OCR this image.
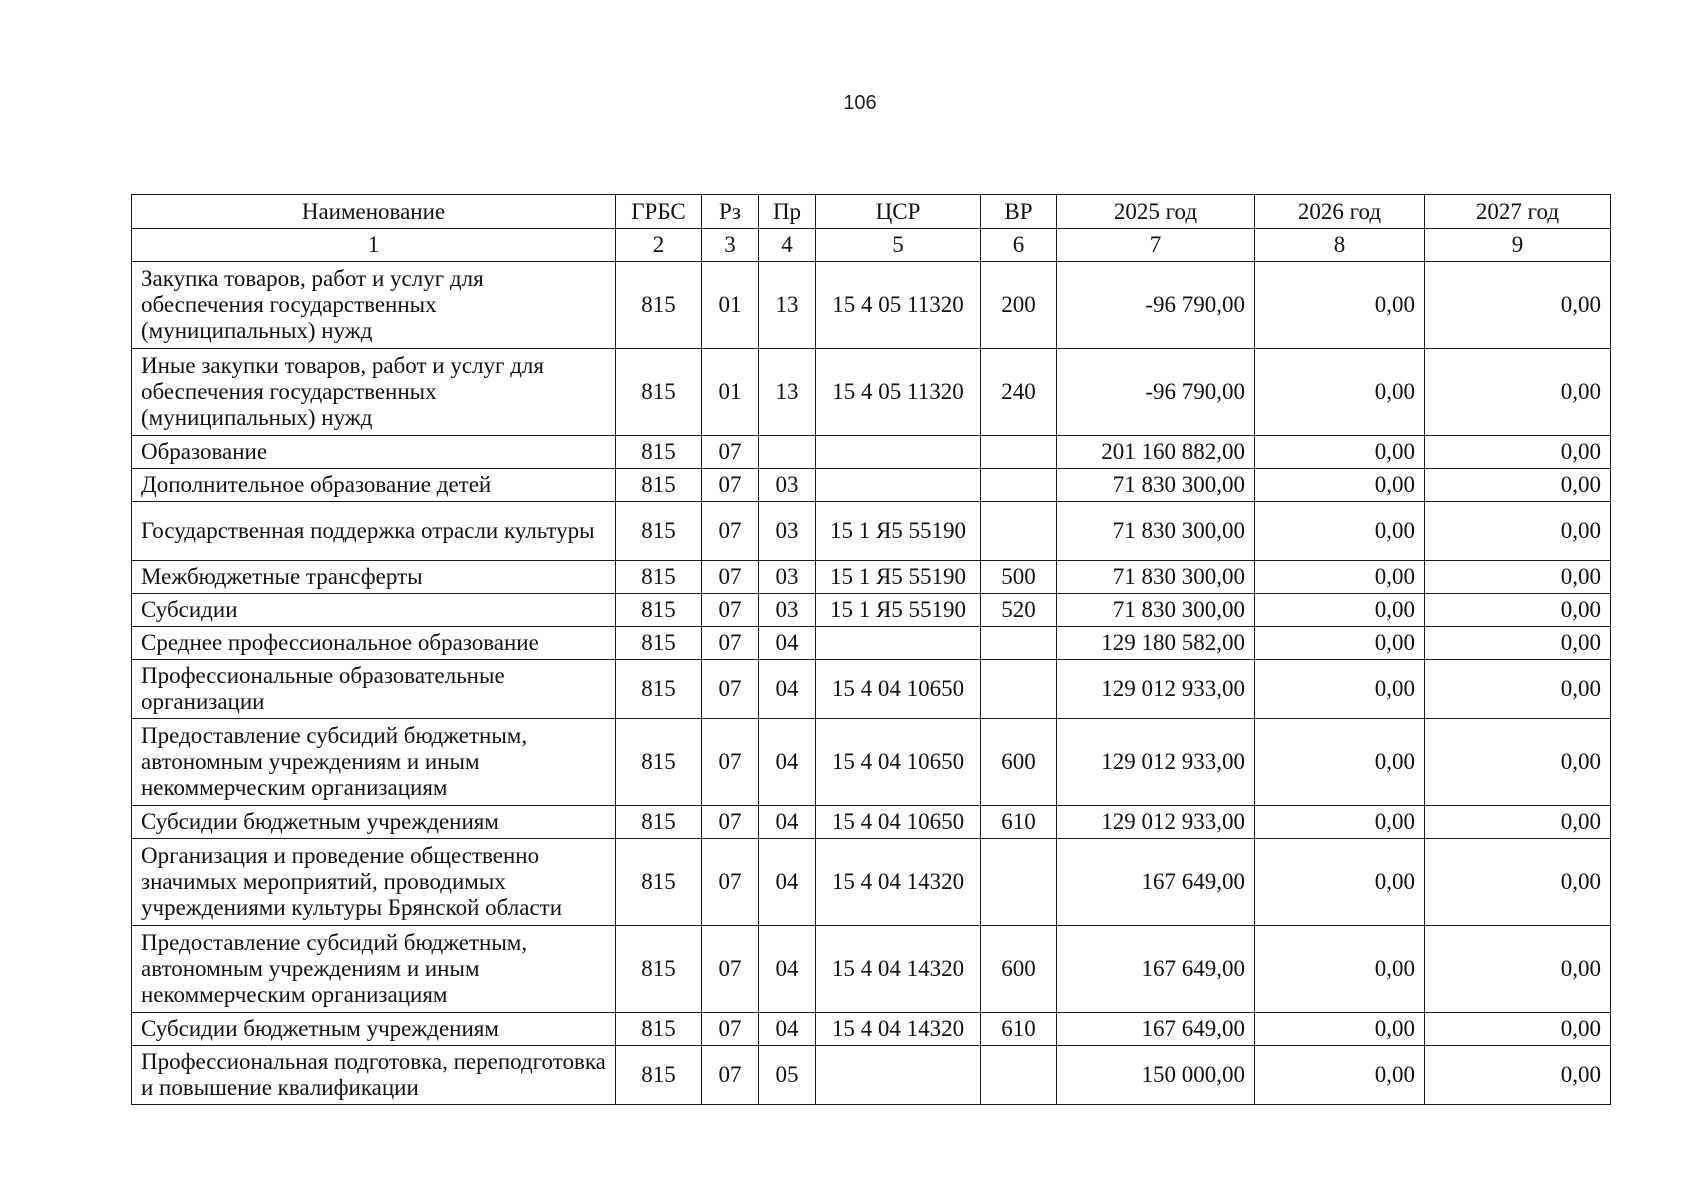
106
Наименование	ГРБС	Рз	Пр	ЦСР	ВР	2025 год	2026 год	2027 год
1	2	3	4	5	6	7	8	9
Закупка товаров, работ и услуг для обеспечения государственных (муниципальных) нужд	815	01	13	15 4 05 11320	200	-96 790,00	0,00	0,00
Иные закупки товаров, работ и услуг для обеспечения государственных (муниципальных) нужд	815	01	13	15 4 05 11320	240	-96 790,00	0,00	0,00
Образование	815	07				201 160 882,00	0,00	0,00
Дополнительное образование детей	815	07	03			71 830 300,00	0,00	0,00
Государственная поддержка отрасли культуры	815	07	03	15 1 Я5 55190		71 830 300,00	0,00	0,00
Межбюджетные трансферты	815	07	03	15 1 Я5 55190	500	71 830 300,00	0,00	0,00
Субсидии	815	07	03	15 1 Я5 55190	520	71 830 300,00	0,00	0,00
Среднее профессиональное образование	815	07	04			129 180 582,00	0,00	0,00
Профессиональные образовательные организации	815	07	04	15 4 04 10650		129 012 933,00	0,00	0,00
Предоставление субсидий бюджетным, автономным учреждениям и иным некоммерческим организациям	815	07	04	15 4 04 10650	600	129 012 933,00	0,00	0,00
Субсидии бюджетным учреждениям	815	07	04	15 4 04 10650	610	129 012 933,00	0,00	0,00
Организация и проведение общественно значимых мероприятий, проводимых учреждениями культуры Брянской области	815	07	04	15 4 04 14320		167 649,00	0,00	0,00
Предоставление субсидий бюджетным, автономным учреждениям и иным некоммерческим организациям	815	07	04	15 4 04 14320	600	167 649,00	0,00	0,00
Субсидии бюджетным учреждениям	815	07	04	15 4 04 14320	610	167 649,00	0,00	0,00
Профессиональная подготовка, переподготовка и повышение квалификации	815	07	05			150 000,00	0,00	0,00
